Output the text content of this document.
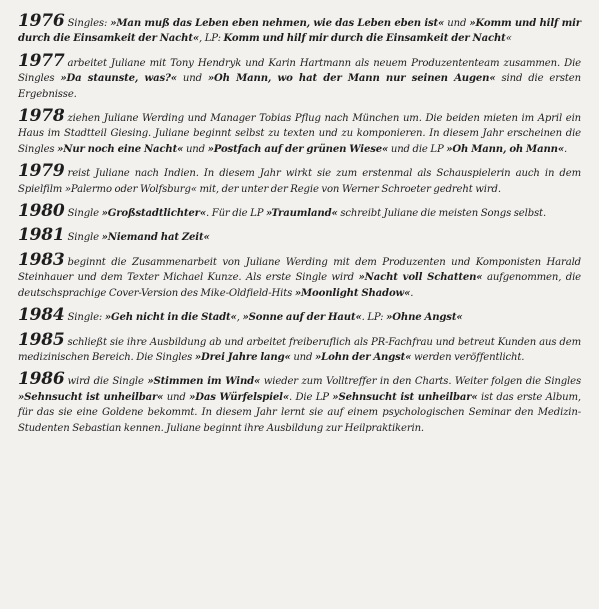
1976 Singles: »Man muß das Leben eben nehmen, wie das Leben eben ist« und »Komm und hilf mir durch die Einsamkeit der Nacht«, LP: Komm und hilf mir durch die Einsamkeit der Nacht«

1977 arbeitet Juliane mit Tony Hendryk und Karin Hartmann als neuem Produzententeam zusammen. Die Singles »Da staunste, was?« und »Oh Mann, wo hat der Mann nur seinen Augen« sind die ersten Ergebnisse.

1978 ziehen Juliane Werding und Manager Tobias Pflug nach München um. Die beiden mieten im April ein Haus im Stadtteil Giesing. Juliane beginnt selbst zu texten und zu komponieren. In diesem Jahr erscheinen die Singles »Nur noch eine Nacht« und »Postfach auf der grünen Wiese« und die LP »Oh Mann, oh Mann«.

1979 reist Juliane nach Indien. In diesem Jahr wirkt sie zum erstenmal als Schauspielerin auch in dem Spielfilm »Palermo oder Wolfsburg« mit, der unter der Regie von Werner Schroeter gedreht wird.

1980 Single »Großstadtlichter«. Für die LP »Traumland« schreibt Juliane die meisten Songs selbst.

1981 Single »Niemand hat Zeit«

1983 beginnt die Zusammenarbeit von Juliane Werding mit dem Produzenten und Komponisten Harald Steinhauer und dem Texter Michael Kunze. Als erste Single wird »Nacht voll Schatten« aufgenommen, die deutschsprachige Cover-Version des Mike-Oldfield-Hits »Moonlight Shadow«.

1984 Single: »Geh nicht in die Stadt«, »Sonne auf der Haut«. LP: »Ohne Angst«

1985 schließt sie ihre Ausbildung ab und arbeitet freiberuflich als PR-Fachfrau und betreut Kunden aus dem medizinischen Bereich. Die Singles »Drei Jahre lang« und »Lohn der Angst« werden veröffentlicht.

1986 wird die Single »Stimmen im Wind« wieder zum Volltreffer in den Charts. Weiter folgen die Singles »Sehnsucht ist unheilbar« und »Das Würfelspiel«. Die LP »Sehnsucht ist unheilbar« ist das erste Album, für das sie eine Goldene bekommt. In diesem Jahr lernt sie auf einem psychologischen Seminar den Medizin-Studenten Sebastian kennen. Juliane beginnt ihre Ausbildung zur Heilpraktikerin.
